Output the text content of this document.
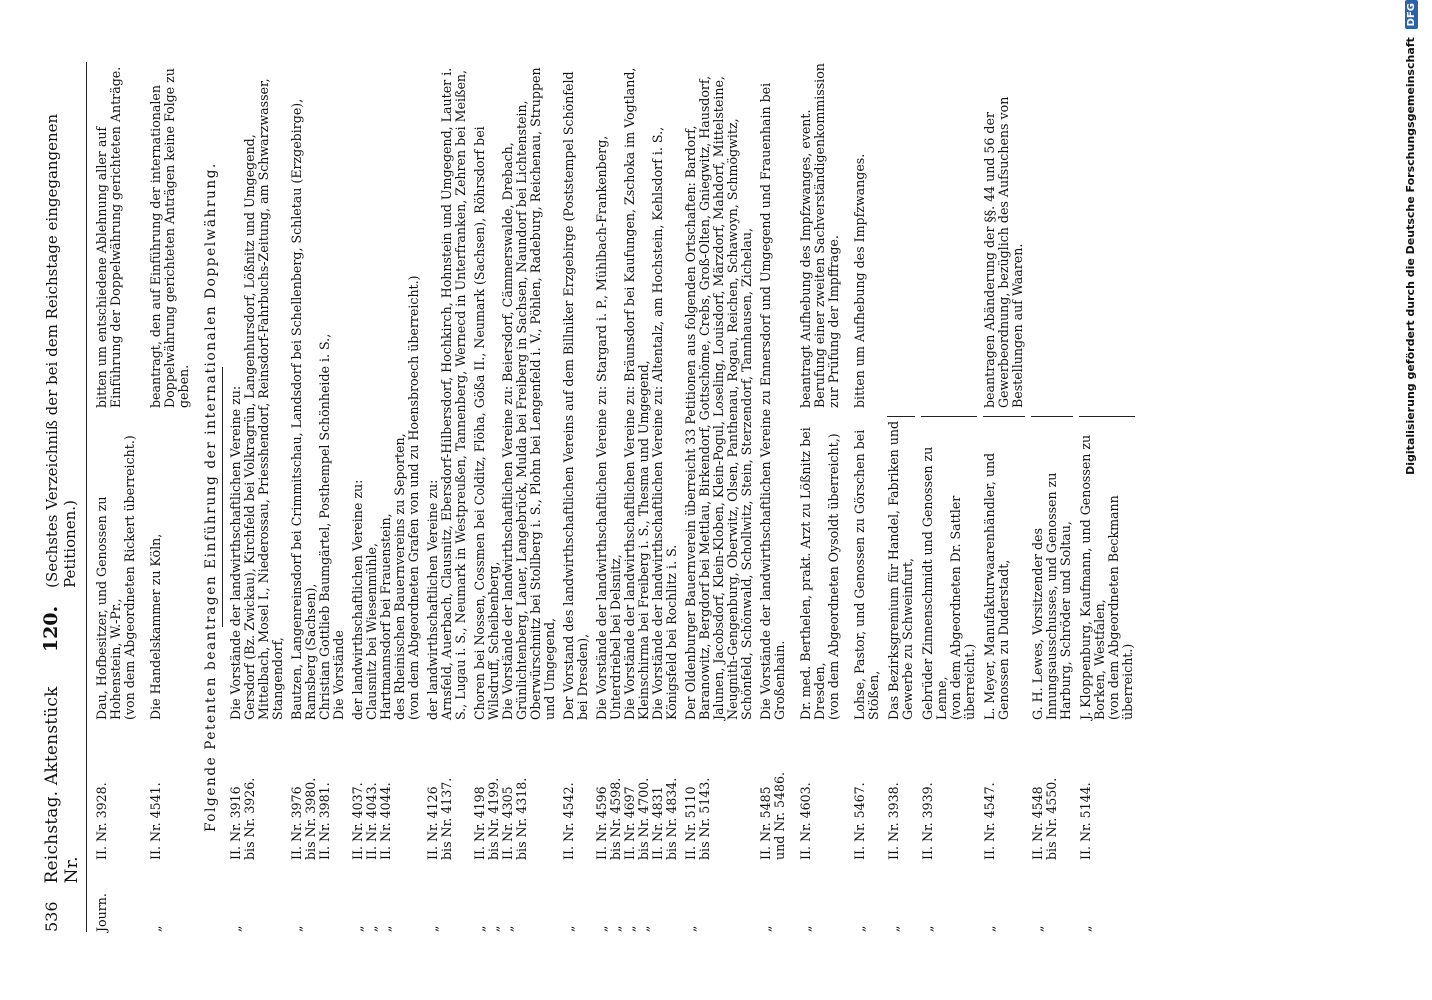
536
Reichstag. Aktenstück Nr.
120.
(Sechstes Verzeichniß der bei dem Reichstage eingegangenen Petitionen.)
Journ.
II. Nr. 3928.
Dau, Hofbesitzer, und Genossen zu Hohenstein, W.-Pr.,
(von dem Abgeordneten Rickert überreicht.)
bitten um entschiedene Ablehnung aller auf Einführung der Doppelwährung gerichteten Anträge.
„
II. Nr. 4541.
Die Handelskammer zu Köln,
beantragt, den auf Einführung der internationalen Doppelwährung gerichteten Anträgen keine Folge zu geben. Folgende Petenten beantragen Einführung der internationalen Doppelwährung.
„
II. Nr. 3916
bis Nr. 3926.
Die Vorstände der landwirthschaftlichen Vereine zu:
Gersdorf (Bz. Zwickau), Kirchfeld bei Volkragrün, Langenhursdorf, Lößnitz und Umgegend, Mittelbach, Mosel I., Niederossau, Priesshendorf, Reinsdorf-Fahrbuchs-Zeitung, am Schwarzwasser, Stangendorf,
„
II. Nr. 3976
bis Nr. 3980.
II. Nr. 3981.
Bautzen, Langenreinsdorf bei Crimmitschau, Landsdorf bei Schellenberg, Schletau (Erzgebirge), Ramsberg (Sachsen),
Christian Gottlieb Baumgärtel, Posthempel Schönheide i. S.,
Die Vorstände
„
„
„
II. Nr. 4037.
II. Nr. 4043.
II. Nr. 4044.
der landwirthschaftlichen Vereine zu:
Clausnitz bei Wiesenmühle,
Hartmannsdorf bei Frauenstein,
des Rheinischen Bauernvereins zu Seporten,
(von dem Abgeordneten Grafen von und zu Hoensbroech überreicht.)
„
II. Nr. 4126
bis Nr. 4137.
der landwirthschaftlichen Vereine zu:
Arnsfeld, Auerbach, Clausnitz, Ebersdorf-Hilbersdorf, Hochkirch, Hohnstein und Umgegend, Lauter i. S., Lugau i. S., Neumark in Westpreußen, Tannenberg, Wernecd in Unterfranken, Zehren bei Meißen,
„
„
„
II. Nr. 4198
bis Nr. 4199.
II. Nr. 4305
bis Nr. 4318.
Choren bei Nossen, Cossmen bei Colditz, Flöha, Gößa II., Neumark (Sachsen), Röhrsdorf bei Wilsdruff, Scheibenberg,
Die Vorstände der landwirthschaftlichen Vereine zu: Beiersdorf, Cämmerswalde, Drebach, Grünlichtenberg, Lauer, Langebrück, Mulda bei Freiberg in Sachsen, Naundorf bei Lichtenstein, Oberwürschnitz bei Stollberg i. S., Plohn bei Lengenfeld i. V., Pöhlen, Radeburg, Reichenau, Struppen und Umgegend,
„
II. Nr. 4542.
Der Vorstand des landwirthschaftlichen Vereins auf dem Billniker Erzgebirge (Poststempel Schönfeld bei Dresden),
„
„
„
„
II. Nr. 4596
bis Nr. 4598.
II. Nr. 4697
bis Nr. 4700.
II. Nr. 4831
bis Nr. 4834.
Die Vorstände der landwirthschaftlichen Vereine zu: Stargard i. P., Mühlbach-Frankenberg, Unterdriebel bei Delsnitz,
Die Vorstände der landwirthschaftlichen Vereine zu: Bräunsdorf bei Kaufungen, Zschoka im Vogtland, Kleinschirma bei Freiberg i. S., Thesma und Umgegend,
Die Vorstände der landwirthschaftlichen Vereine zu: Altentalz, am Hochstein, Kehlsdorf i. S., Königsfeld bei Rochlitz i. S.
„
II. Nr. 5110
bis Nr. 5143.
Der Oldenburger Bauernverein überreicht 33 Petitionen aus folgenden Ortschaften: Bardorf, Baranowitz, Bergdorf bei Mettlau, Birkendorf, Gottschöme, Crebs, Groß-Olten, Gniegwitz, Hausdorf, Jalunen, Jacobsdorf, Klein-Kloben, Klein-Pogul, Loseling, Louisdorf, Märzdorf, Mahdorf, Mittelsteine, Neugnith-Gengenburg, Oberwitz, Olsen, Panthenau, Rogau, Reichen, Schawoyn, Schmögwitz, Schönfeld, Schönwald, Schollwitz, Stein, Sterzendorf, Tannhausen, Zichelau,
„
II. Nr. 5485
und Nr. 5486.
Die Vorstände der landwirthschaftlichen Vereine zu Ennersdorf und Umgegend und Frauenhain bei Großenhain.
„
II. Nr. 4603.
Dr. med. Berthelen, prakt. Arzt zu Lößnitz bei Dresden,
(von dem Abgeordneten Oysoldt überreicht,)
beantragt Aufhebung des Impfzwanges, event. Berufung einer zweiten Sachverständigenkommission zur Prüfung der Impffrage.
„
II. Nr. 5467.
Lohse, Pastor, und Genossen zu Görschen bei Stößen,
bitten um Aufhebung des Impfzwanges.
„
II. Nr. 3938.
Das Bezirksgremium für Handel, Fabriken und Gewerbe zu Schweinfurt,
„
II. Nr. 3939.
Gebrüder Zinnenschmidt und Genossen zu Lenne,
(von dem Abgeordneten Dr. Sattler überreicht.)
„
II. Nr. 4547.
L. Meyer, Manufakturwaarenhändler, und Genossen zu Duderstadt,
beantragen Abänderung der §§. 44 und 56 der Gewerbeordnung, bezüglich des Aufsuchens von Bestellungen auf Waaren.
„
II. Nr. 4548
bis Nr. 4550.
G. H. Lewes, Vorsitzender des Innungsausschusses, und Genossen zu Harburg, Schröder und Soltau,
„
II. Nr. 5144.
J. Kloppenburg, Kaufmann, und Genossen zu Borken, Westfalen,
(von dem Abgeordneten Beckmann überreicht.)
Digitalisierung gefördert durch die Deutsche Forschungsgemeinschaft DFG
